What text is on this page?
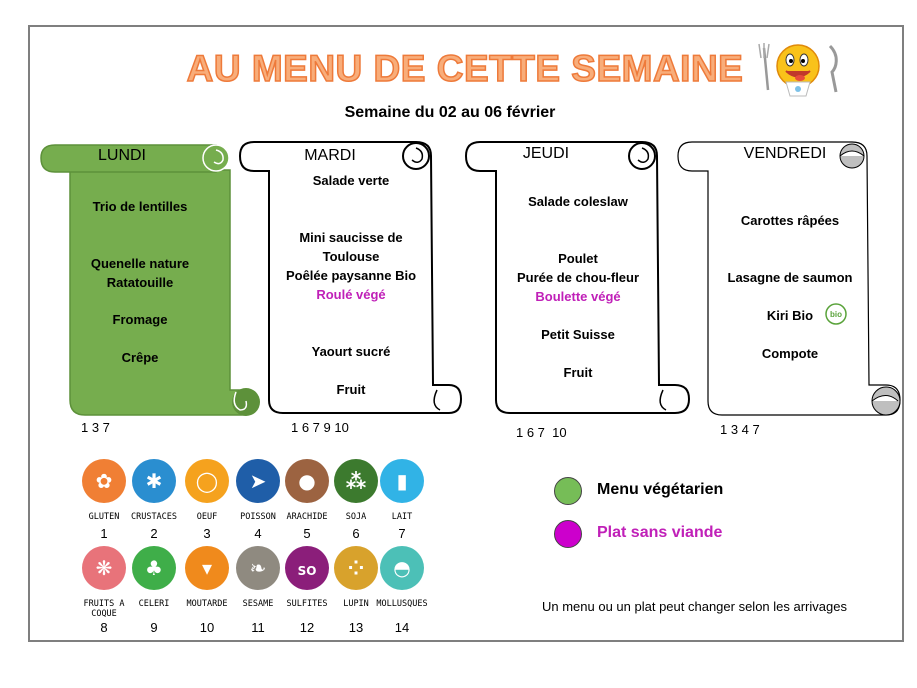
AU MENU DE CETTE SEMAINE
Semaine du 02 au 06 février
LUNDI	MARDI	JEUDI	VENDREDI
Trio de lentilles
Quenelle nature
Ratatouille
Fromage
Crêpe
Salade verte
Mini saucisse de
Toulouse
Poêlée paysanne Bio
Roulé végé
Yaourt sucré
Fruit
Salade coleslaw
Poulet
Purée de chou-fleur
Boulette végé
Petit Suisse
Fruit
Carottes râpées
Lasagne de saumon
Kiri Bio
Compote
bio
1 3 7	1 6 7 9 10	1 6 7  10	1 3 4 7
✿
GLUTEN
1
✱
CRUSTACES
2
◯
OEUF
3
➤
POISSON
4
●
ARACHIDE
5
⁂
SOJA
6
▮
LAIT
7
❋
FRUITS A COQUE
8
♣
CELERI
9
▾
MOUTARDE
10
❧
SESAME
11
SO
SULFITES
12
⁘
LUPIN
13
◓
MOLLUSQUES
14
Menu végétarien
Plat sans viande
Un menu ou un plat peut changer selon les arrivages
